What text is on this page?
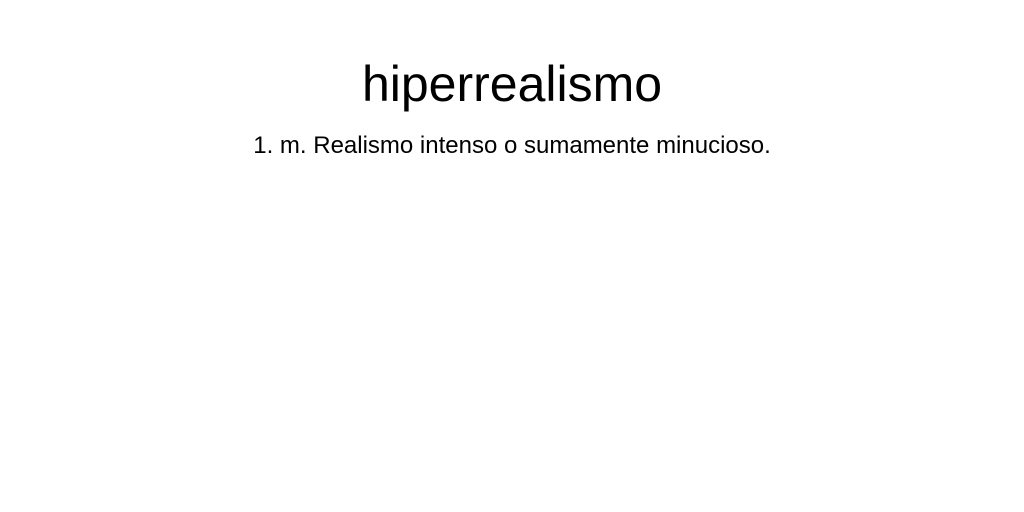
hiperrealismo

1. m. Realismo intenso o sumamente minucioso.
